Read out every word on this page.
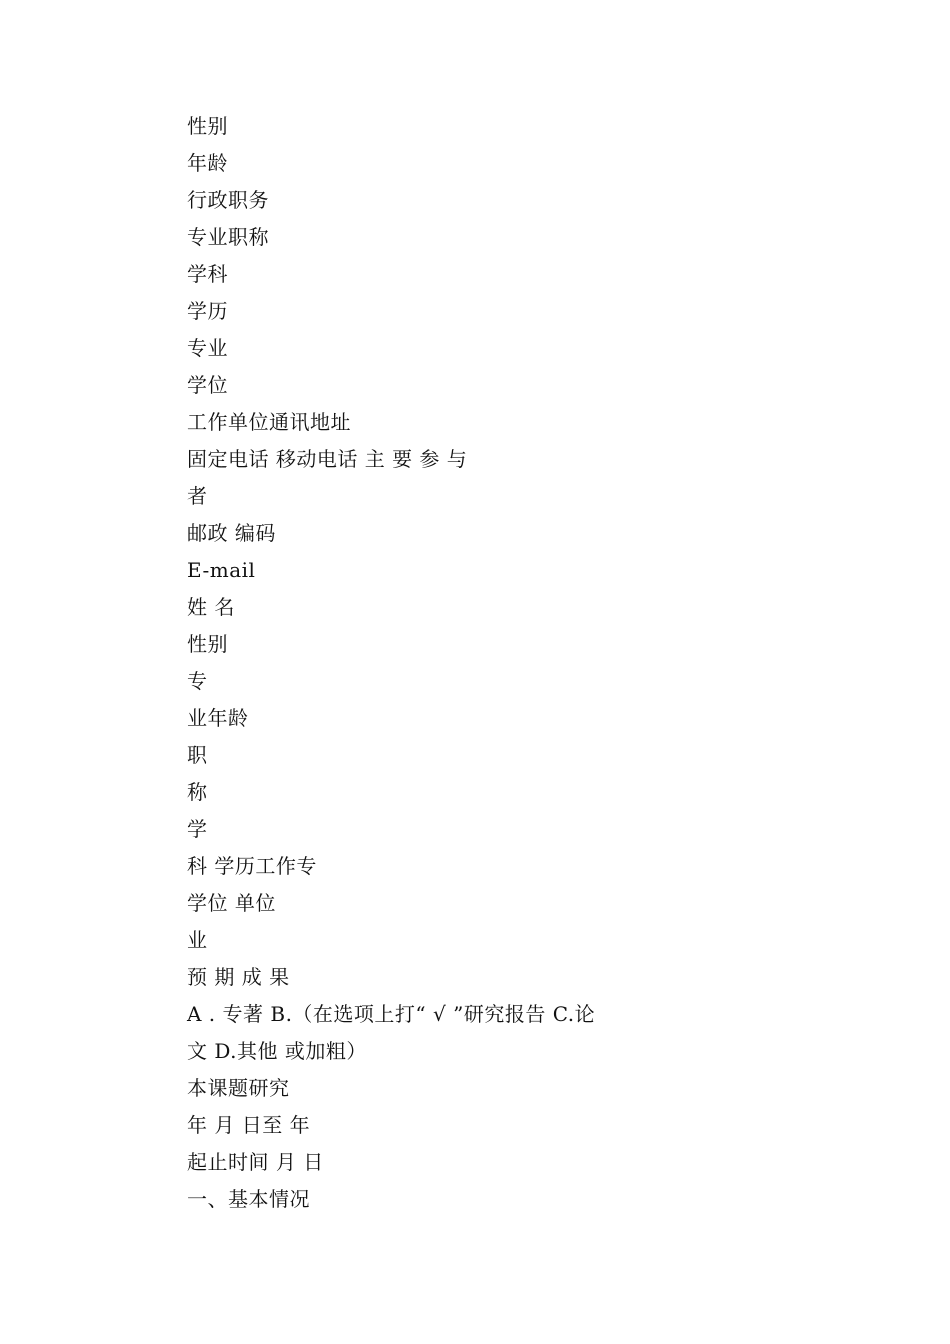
性别
年龄
行政职务
专业职称
学科
学历
专业
学位
工作单位通讯地址
固定电话 移动电话 主 要 参 与
者
邮政 编码
E-mail
姓 名
性别
专
业年龄
职
称
学
科 学历工作专
学位 单位
业
预 期 成 果
A . 专著 B.（在选项上打“ √ ”研究报告 C.论
文 D.其他 或加粗）
本课题研究
年 月 日至 年
起止时间 月 日
一、基本情况
